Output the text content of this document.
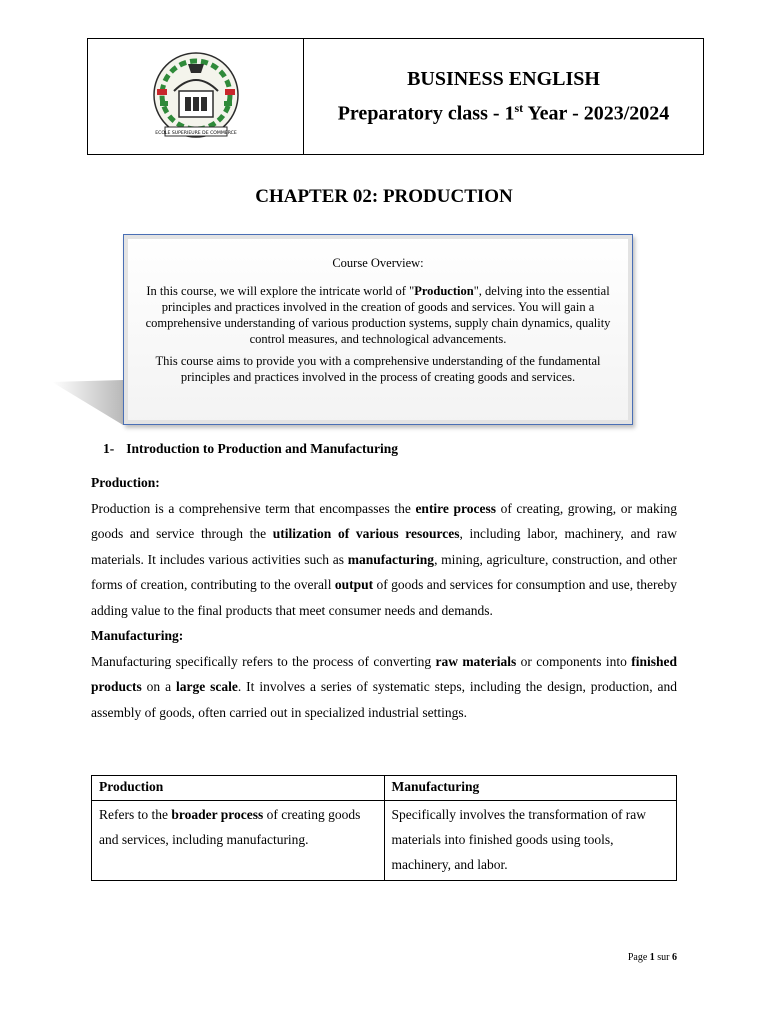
ECOLE SUPERIEURE DE COMMERCE
BUSINESS ENGLISH
Preparatory class - 1st Year - 2023/2024
CHAPTER 02: PRODUCTION
Course Overview:

In this course, we will explore the intricate world of "Production", delving into the essential principles and practices involved in the creation of goods and services. You will gain a comprehensive understanding of various production systems, supply chain dynamics, quality control measures, and technological advancements.

This course aims to provide you with a comprehensive understanding of the fundamental principles and practices involved in the process of creating goods and services.

1- Introduction to Production and Manufacturing
Production:
Production is a comprehensive term that encompasses the entire process of creating, growing, or making goods and service through the utilization of various resources, including labor, machinery, and raw materials. It includes various activities such as manufacturing, mining, agriculture, construction, and other forms of creation, contributing to the overall output of goods and services for consumption and use, thereby adding value to the final products that meet consumer needs and demands.
Manufacturing:
Manufacturing specifically refers to the process of converting raw materials or components into finished products on a large scale. It involves a series of systematic steps, including the design, production, and assembly of goods, often carried out in specialized industrial settings.
Production	Manufacturing
Refers to the broader process of creating goods and services, including manufacturing.	Specifically involves the transformation of raw materials into finished goods using tools, machinery, and labor.
Page 1 sur 6
